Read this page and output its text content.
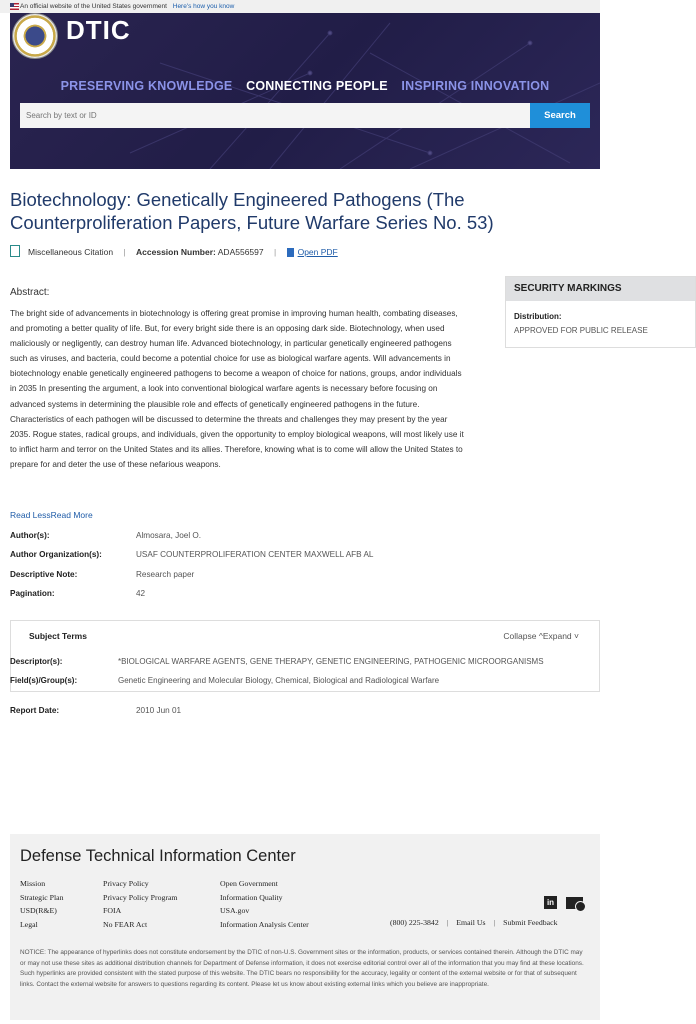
An official website of the United States government Here's how you know
DTIC
PRESERVING KNOWLEDGE CONNECTING PEOPLE INSPIRING INNOVATION
Search by text or ID
Search
Biotechnology: Genetically Engineered Pathogens (The Counterproliferation Papers, Future Warfare Series No. 53)
Miscellaneous Citation | Accession Number: ADA556597 |	Open PDF
Abstract:
The bright side of advancements in biotechnology is offering great promise in improving human health, combating diseases, and promoting a better quality of life. But, for every bright side there is an opposing dark side. Biotechnology, when used maliciously or negligently, can destroy human life. Advanced biotechnology, in particular genetically engineered pathogens such as viruses, and bacteria, could become a potential choice for use as biological warfare agents. Will advancements in biotechnology enable genetically engineered pathogens to become a weapon of choice for nations, groups, andor individuals in 2035 In presenting the argument, a look into conventional biological warfare agents is necessary before focusing on advanced systems in determining the plausible role and effects of genetically engineered pathogens in the future. Characteristics of each pathogen will be discussed to determine the threats and challenges they may present by the year 2035. Rogue states, radical groups, and individuals, given the opportunity to employ biological weapons, will most likely use it to inflict harm and terror on the United States and its allies. Therefore, knowing what is to come will allow the United States to prepare for and deter the use of these nefarious weapons.
Read LessRead More
SECURITY MARKINGS
Distribution:
APPROVED FOR PUBLIC RELEASE
Author(s):	Almosara, Joel O.
Author Organization(s):	USAF COUNTERPROLIFERATION CENTER MAXWELL AFB AL
Descriptive Note:	Research paper
Pagination:	42
Subject Terms	Collapse ^Expand ˅
Descriptor(s):	*BIOLOGICAL WARFARE AGENTS, GENE THERAPY, GENETIC ENGINEERING, PATHOGENIC MICROORGANISMS
Field(s)/Group(s):	Genetic Engineering and Molecular Biology, Chemical, Biological and Radiological Warfare
Report Date:	2010 Jun 01
Defense Technical Information Center
Mission
Strategic Plan
USD(R&E)
Legal
Privacy Policy
Privacy Policy Program
FOIA
No FEAR Act
Open Government
Information Quality
USA.gov
Information Analysis Center
in
(800) 225-3842 | Email Us | Submit Feedback
NOTICE: The appearance of hyperlinks does not constitute endorsement by the DTIC of non-U.S. Government sites or the information, products, or services contained therein. Although the DTIC may or may not use these sites as additional distribution channels for Department of Defense information, it does not exercise editorial control over all of the information that you may find at these locations. Such hyperlinks are provided consistent with the stated purpose of this website. The DTIC bears no responsibility for the accuracy, legality or content of the external website or for that of subsequent links. Contact the external website for answers to questions regarding its content. Please let us know about existing external links which you believe are inappropriate.
